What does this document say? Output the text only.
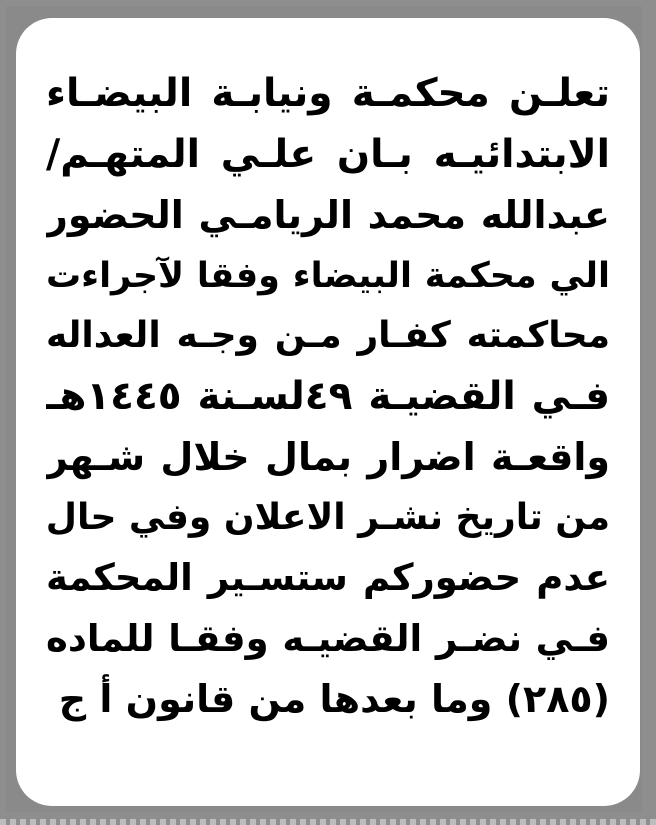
تعلـن محكمـة ونيابـة البيضـاء
الابتدائيـه بـان علـي المتهـم/
عبدالله محمد الريامـي الحضور
الي محكمة البيضاء وفقا لآجراءت
محاكمته كفـار مـن وجـه العداله
فـي القضيـة ٤٩لسـنة ١٤٤٥هـ
واقعـة اضرار بمال خلال شـهر
من تاريخ نشـر الاعلان وفي حال
عدم حضوركم ستسـير المحكمة
فـي نضـر القضيـه وفقـا للماده
(٢٨٥) وما بعدها من قانون أ ج
